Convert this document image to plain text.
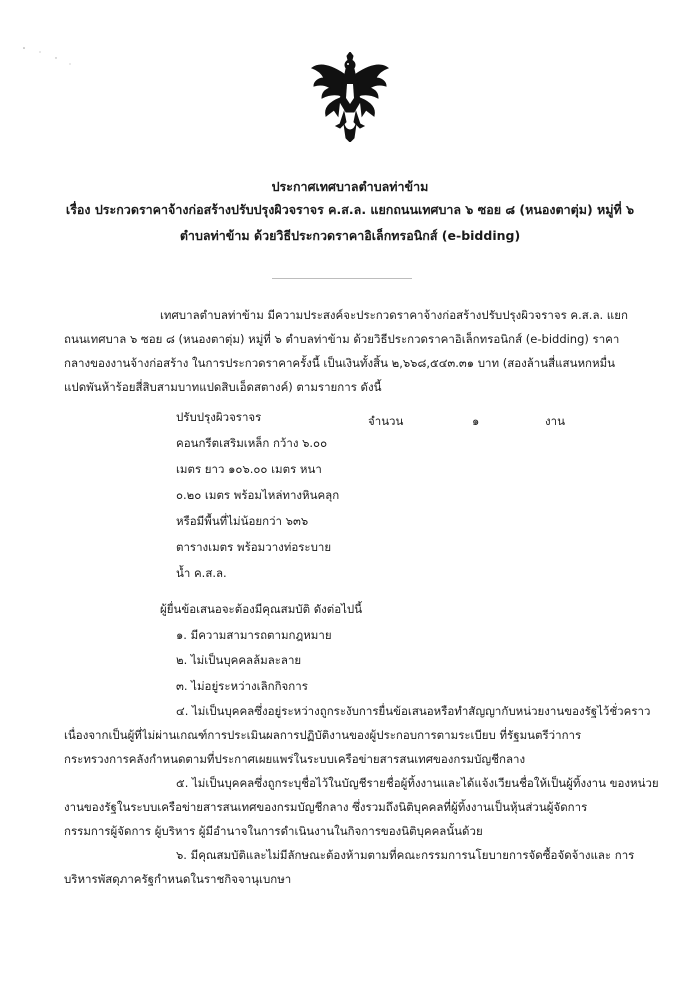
ประกาศเทศบาลตำบลท่าข้าม
เรื่อง ประกวดราคาจ้างก่อสร้างปรับปรุงผิวจราจร ค.ส.ล. แยกถนนเทศบาล ๖ ซอย ๘ (หนองตาตุ่ม) หมู่ที่ ๖
ตำบลท่าข้าม ด้วยวิธีประกวดราคาอิเล็กทรอนิกส์ (e-bidding)
เทศบาลตำบลท่าข้าม มีความประสงค์จะประกวดราคาจ้างก่อสร้างปรับปรุงผิวจราจร ค.ส.ล. แยก
ถนนเทศบาล ๖ ซอย ๘ (หนองตาตุ่ม) หมู่ที่ ๖ ตำบลท่าข้าม ด้วยวิธีประกวดราคาอิเล็กทรอนิกส์ (e-bidding) ราคา
กลางของงานจ้างก่อสร้าง ในการประกวดราคาครั้งนี้ เป็นเงินทั้งสิ้น ๒,๖๖๘,๕๔๓.๓๑ บาท (สองล้านสี่แสนหกหมื่น
แปดพันห้าร้อยสี่สิบสามบาทแปดสิบเอ็ดสตางค์) ตามรายการ ดังนี้
ปรับปรุงผิวจราจร
คอนกรีตเสริมเหล็ก กว้าง ๖.๐๐
เมตร ยาว ๑๐๖.๐๐ เมตร หนา
๐.๒๐ เมตร พร้อมไหล่ทางหินคลุก
หรือมีพื้นที่ไม่น้อยกว่า ๖๓๖
ตารางเมตร พร้อมวางท่อระบาย
น้ำ ค.ส.ล.
จำนวน	๑	งาน
ผู้ยื่นข้อเสนอจะต้องมีคุณสมบัติ ดังต่อไปนี้
๑. มีความสามารถตามกฎหมาย
๒. ไม่เป็นบุคคลล้มละลาย
๓. ไม่อยู่ระหว่างเลิกกิจการ
๔. ไม่เป็นบุคคลซึ่งอยู่ระหว่างถูกระงับการยื่นข้อเสนอหรือทำสัญญากับหน่วยงานของรัฐไว้ชั่วคราว
เนื่องจากเป็นผู้ที่ไม่ผ่านเกณฑ์การประเมินผลการปฏิบัติงานของผู้ประกอบการตามระเบียบ ที่รัฐมนตรีว่าการ
กระทรวงการคลังกำหนดตามที่ประกาศเผยแพร่ในระบบเครือข่ายสารสนเทศของกรมบัญชีกลาง
๕. ไม่เป็นบุคคลซึ่งถูกระบุชื่อไว้ในบัญชีรายชื่อผู้ทิ้งงานและได้แจ้งเวียนชื่อให้เป็นผู้ทิ้งงาน ของหน่วย
งานของรัฐในระบบเครือข่ายสารสนเทศของกรมบัญชีกลาง ซึ่งรวมถึงนิติบุคคลที่ผู้ทิ้งงานเป็นหุ้นส่วนผู้จัดการ
กรรมการผู้จัดการ ผู้บริหาร ผู้มีอำนาจในการดำเนินงานในกิจการของนิติบุคคลนั้นด้วย
๖. มีคุณสมบัติและไม่มีลักษณะต้องห้ามตามที่คณะกรรมการนโยบายการจัดซื้อจัดจ้างและ การ
บริหารพัสดุภาครัฐกำหนดในราชกิจจานุเบกษา
